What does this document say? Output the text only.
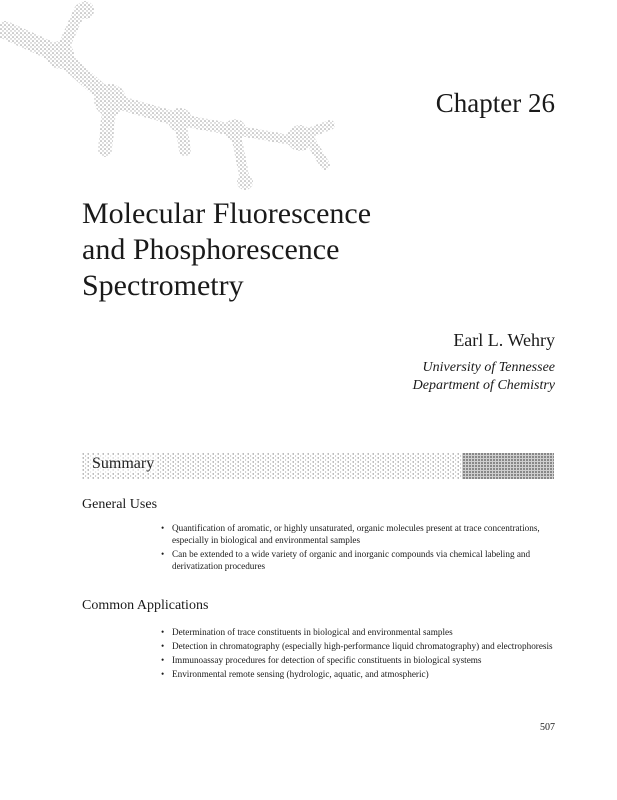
Chapter 26
Molecular Fluorescence
and Phosphorescence
Spectrometry
Earl L. Wehry
University of Tennessee
Department of Chemistry
Summary
General Uses
• Quantification of aromatic, or highly unsaturated, organic molecules present at trace concentrations, especially in biological and environmental samples
• Can be extended to a wide variety of organic and inorganic compounds via chemical labeling and derivatization procedures
Common Applications
• Determination of trace constituents in biological and environmental samples
• Detection in chromatography (especially high-performance liquid chromatography) and electrophoresis
• Immunoassay procedures for detection of specific constituents in biological systems
• Environmental remote sensing (hydrologic, aquatic, and atmospheric)
507
